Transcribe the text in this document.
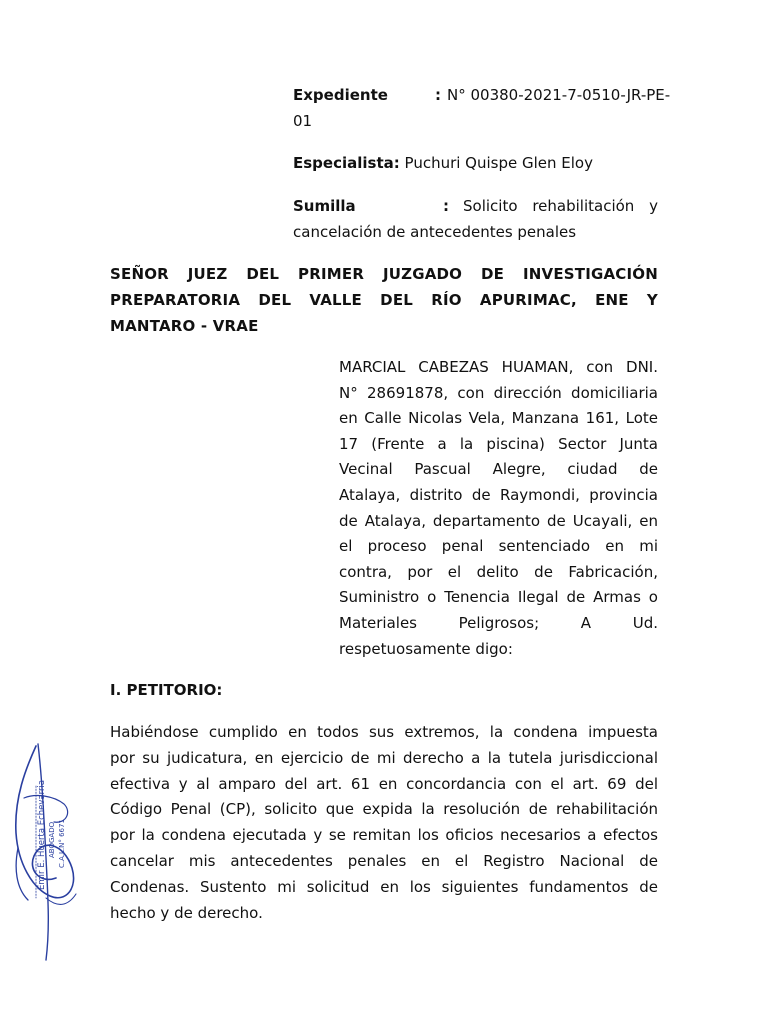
Expediente	: N° 00380-2021-7-0510-JR-PE-
01
Especialista: Puchuri Quispe Glen Eloy
Sumilla	: Solicito rehabilitación y
cancelación de antecedentes penales
SEÑOR JUEZ DEL PRIMER JUZGADO DE INVESTIGACIÓN
PREPARATORIA DEL VALLE DEL RÍO APURIMAC, ENE Y
MANTARO - VRAE
MARCIAL CABEZAS HUAMAN, con DNI.
N° 28691878, con dirección domiciliaria
en Calle Nicolas Vela, Manzana 161, Lote
17 (Frente a la piscina) Sector Junta
Vecinal Pascual Alegre, ciudad de
Atalaya, distrito de Raymondi, provincia
de Atalaya, departamento de Ucayali, en
el proceso penal sentenciado en mi
contra, por el delito de Fabricación,
Suministro o Tenencia Ilegal de Armas o
Materiales Peligrosos; A Ud.
respetuosamente digo:
I. PETITORIO:
Habiéndose cumplido en todos sus extremos, la condena impuesta
por su judicatura, en ejercicio de mi derecho a la tutela jurisdiccional
efectiva y al amparo del art. 61 en concordancia con el art. 69 del
Código Penal (CP), solicito que expida la resolución de rehabilitación
por la condena ejecutada y se remitan los oficios necesarios a efectos
cancelar mis antecedentes penales en el Registro Nacional de
Condenas. Sustento mi solicitud en los siguientes fundamentos de
hecho y de derecho.
Emir E. Huerta Echevarria ABOGADO C.A.L.N° 6671
